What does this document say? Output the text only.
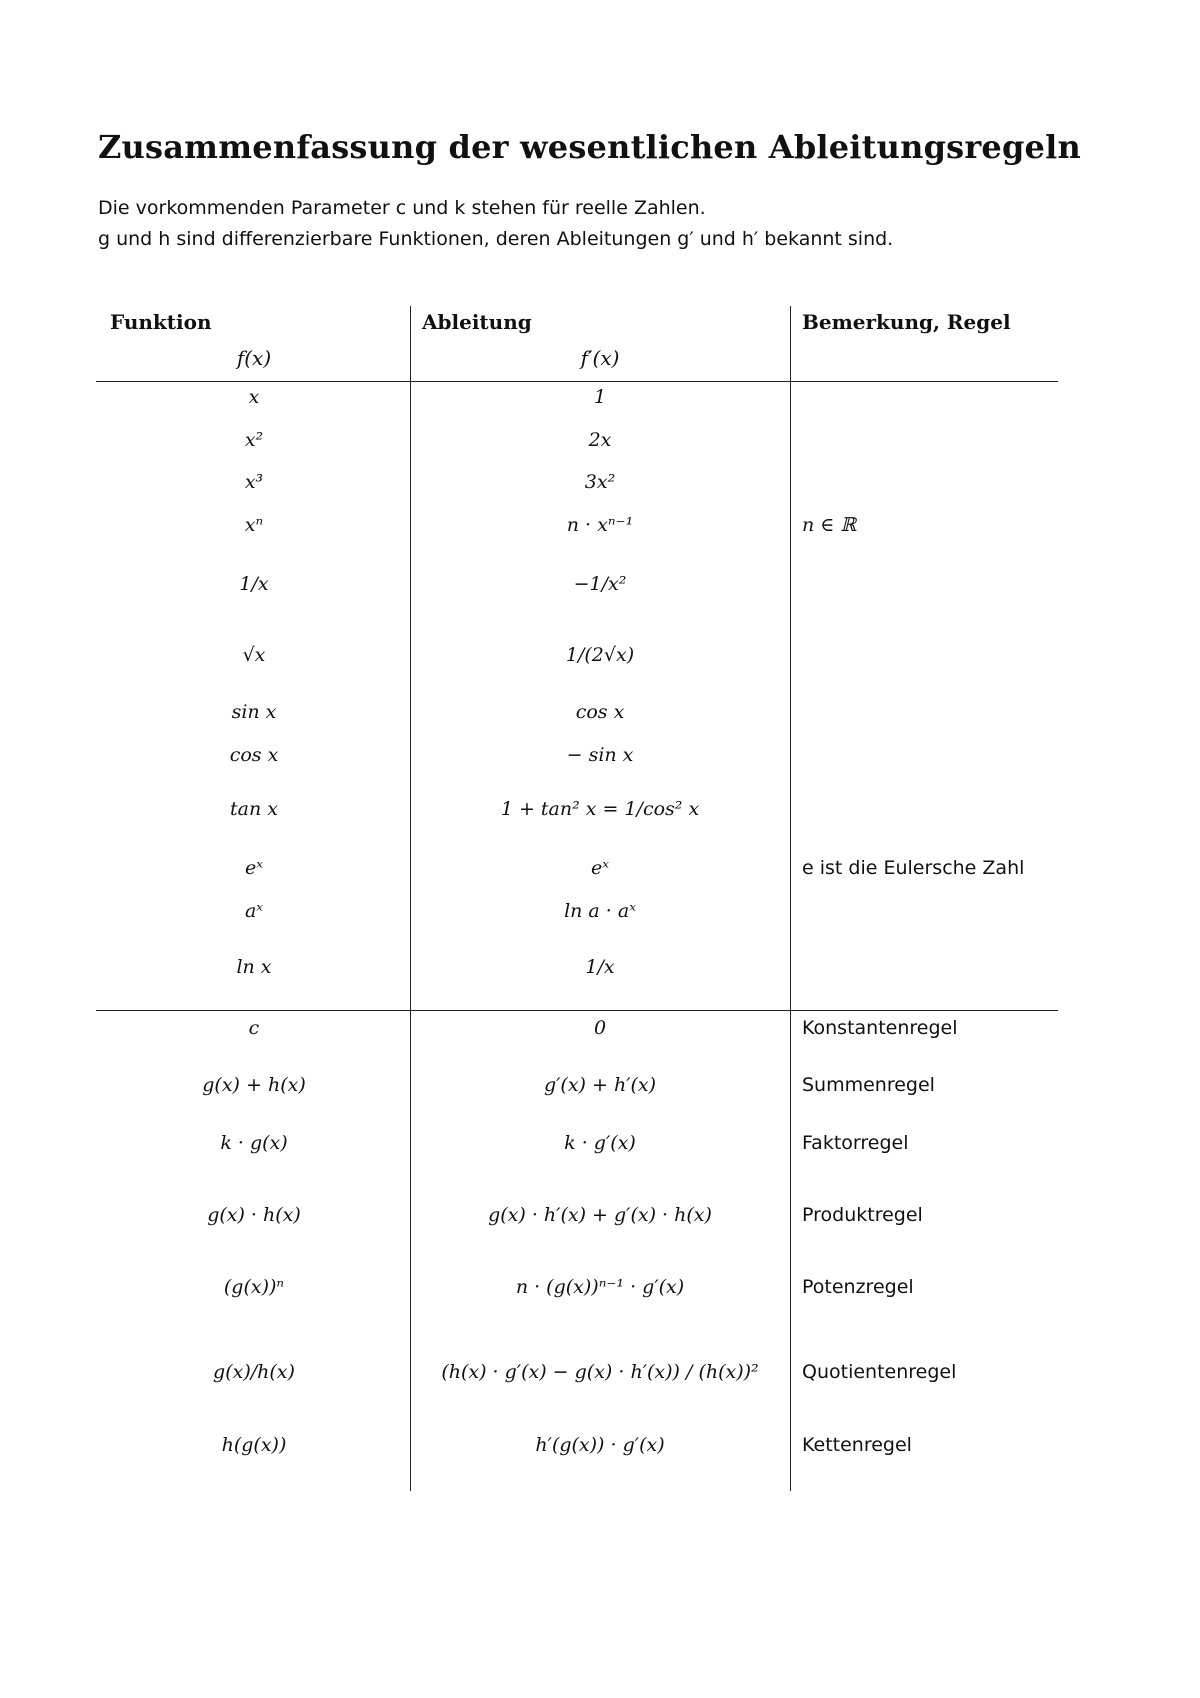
Zusammenfassung der wesentlichen Ableitungsregeln
Die vorkommenden Parameter c und k stehen für reelle Zahlen.
g und h sind differenzierbare Funktionen, deren Ableitungen g′ und h′ bekannt sind.
Funktion	Ableitung	Bemerkung, Regel
f(x)	f′(x)
x	1
x²	2x
x³	3x²
xⁿ	n · xⁿ⁻¹	n ∈ ℝ
1/x	−1/x²
√x	1/(2√x)
sin x	cos x
cos x	− sin x
tan x	1 + tan² x = 1/cos² x
eˣ	eˣ	e ist die Eulersche Zahl
aˣ	ln a · aˣ
ln x	1/x
c	0	Konstantenregel
g(x) + h(x)	g′(x) + h′(x)	Summenregel
k · g(x)	k · g′(x)	Faktorregel
g(x) · h(x)	g(x) · h′(x) + g′(x) · h(x)	Produktregel
(g(x))ⁿ	n · (g(x))ⁿ⁻¹ · g′(x)	Potenzregel
g(x)/h(x)	(h(x) · g′(x) − g(x) · h′(x)) / (h(x))²	Quotientenregel
h(g(x))	h′(g(x)) · g′(x)	Kettenregel
